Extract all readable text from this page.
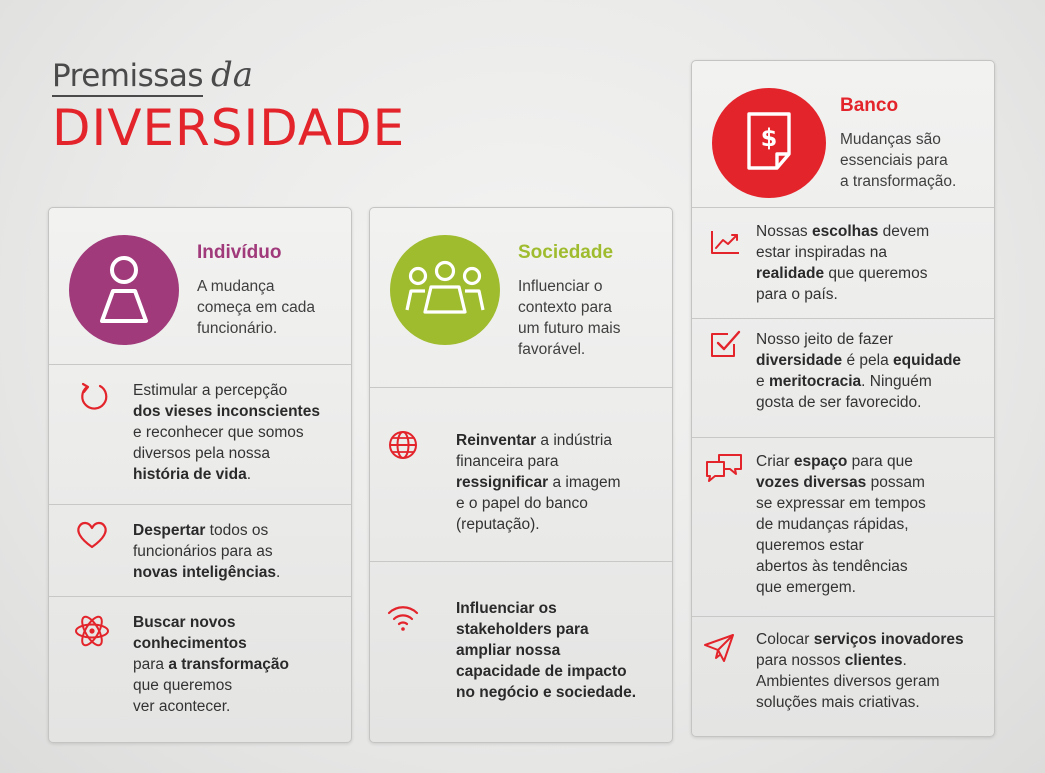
Premissas da
DIVERSIDADE
Indivíduo
A mudança
começa em cada
funcionário.
Estimular a percepção
dos vieses inconscientes
e reconhecer que somos
diversos pela nossa
história de vida.
Despertar todos os
funcionários para as
novas inteligências.
Buscar novos
conhecimentos
para a transformação
que queremos
ver acontecer.
Sociedade
Influenciar o
contexto para
um futuro mais
favorável.
Reinventar a indústria
financeira para
ressignificar a imagem
e o papel do banco
(reputação).
Influenciar os
stakeholders para
ampliar nossa
capacidade de impacto
no negócio e sociedade.
$
Banco
Mudanças são
essenciais para
a transformação.
Nossas escolhas devem
estar inspiradas na
realidade que queremos
para o país.
Nosso jeito de fazer
diversidade é pela equidade
e meritocracia. Ninguém
gosta de ser favorecido.
Criar espaço para que
vozes diversas possam
se expressar em tempos
de mudanças rápidas,
queremos estar
abertos às tendências
que emergem.
Colocar serviços inovadores
para nossos clientes.
Ambientes diversos geram
soluções mais criativas.
